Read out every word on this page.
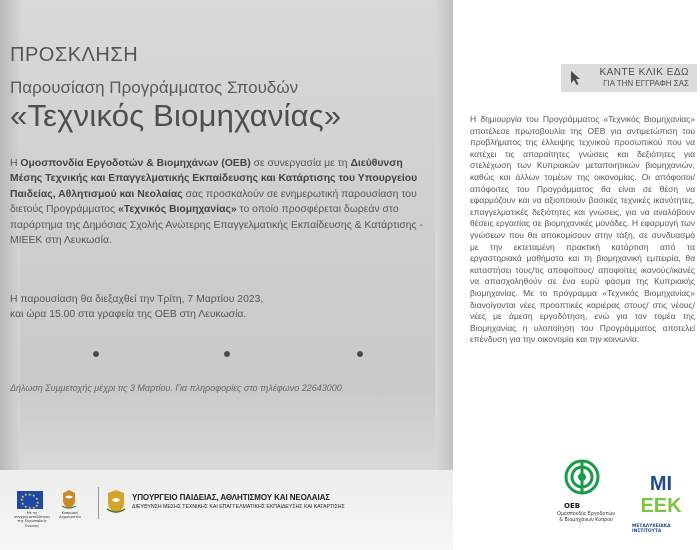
ΠΡΟΣΚΛΗΣΗ
Παρουσίαση Προγράμματος Σπουδών
«Τεχνικός Βιομηχανίας»
Η Ομοσπονδία Εργοδοτών & Βιομηχάνων (ΟΕΒ) σε συνεργασία με τη Διεύθυνση Μέσης Τεχνικής και Επαγγελματικής Εκπαίδευσης και Κατάρτισης του Υπουργείου Παιδείας, Αθλητισμού και Νεολαίας σας προσκαλούν σε ενημερωτική παρουσίαση του διετούς Προγράμματος «Τεχνικός Βιομηχανίας» το οποίο προσφέρεται δωρεάν στο παράρτημα της Δημόσιας Σχολής Ανώτερης Επαγγελματικής Εκπαίδευσης & Κατάρτισης - ΜΙΕΕΚ στη Λευκωσία.
Η παρουσίαση θα διεξαχθεί την Τρίτη, 7 Μαρτίου 2023,
και ώρα 15.00 στα γραφεία της ΟΕΒ στη Λευκωσία.
Δήλωση Συμμετοχής μέχρι τις 3 Μαρτίου. Για πληροφορίες στο τηλέφωνο 22643000
ΚΑΝΤΕ ΚΛΙΚ ΕΔΩ
ΓΙΑ ΤΗΝ ΕΓΓΡΑΦΗ ΣΑΣ
Η δημιουργία του Προγράμματος «Τεχνικός Βιομηχανίας» αποτέλεσε πρωτοβουλία της ΟΕΒ για αντιμετώπιση του προβλήματος της έλλειψης τεχνικού προσωπικού που να κατέχει τις απαραίτητες γνώσεις και δεξιότητες για στελέχωση των Κυπριακών μεταποιητικών βιομηχανιών, καθώς και άλλων τομέων της οικονομίας. Οι απόφοιτοι/απόφοιτες του Προγράμματος θα είναι σε θέση να εφαρμόζουν και να αξιοποιούν βασικές τεχνικές ικανότητες, επαγγελματικές δεξιότητες και γνώσεις, για να αναλάβουν θέσεις εργασίας σε βιομηχανικές μονάδες. Η εφαρμογή των γνώσεων που θα αποκομίσουν στην τάξη, σε συνδυασμό με την εκτεταμένη πρακτική κατάρτιση από τα εργαστηριακά μαθήματα και τη βιομηχανική εμπειρία, θα καταστήσει τους/τις αποφοίτους/ αποφοίτες ικανούς/ικανές να απασχοληθούν σε ένα ευρύ φάσμα της Κυπριακής βιομηχανίας. Με το πρόγραμμα «Τεχνικός Βιομηχανίας» διανοίγονται νέες προοπτικές καριέρας στους/ στις νέους/νέες με άμεση εργοδότηση, ενώ για τον τομέα της Βιομηχανίας η υλοποίηση του Προγράμματος αποτελεί επένδυση για την οικονομία και την κοινωνία.
★ ★
★
★
★
★
★
★
★
★
★ ★
Με τη συγχρηματοδότηση της Ευρωπαϊκής Ένωσης
Κυπριακή Δημοκρατία
ΥΠΟΥΡΓΕΙΟ ΠΑΙΔΕΙΑΣ, ΑΘΛΗΤΙΣΜΟΥ ΚΑΙ ΝΕΟΛΑΙΑΣ
ΔΙΕΥΘΥΝΣΗ ΜΕΣΗΣ ΤΕΧΝΙΚΗΣ ΚΑΙ ΕΠΑΓΓΕΛΜΑΤΙΚΗΣ ΕΚΠΑΙΔΕΥΣΗΣ ΚΑΙ ΚΑΤΑΡΤΙΣΗΣ	ΟΕΒ
Ομοσπονδία Εργοδοτών & Βιομηχάνων Κύπρου
ΜΙ
ΕΕΚ
ΜΕΤΑΛΥΚΕΙΑΚΑ ΙΝΣΤΙΤΟΥΤΑ
